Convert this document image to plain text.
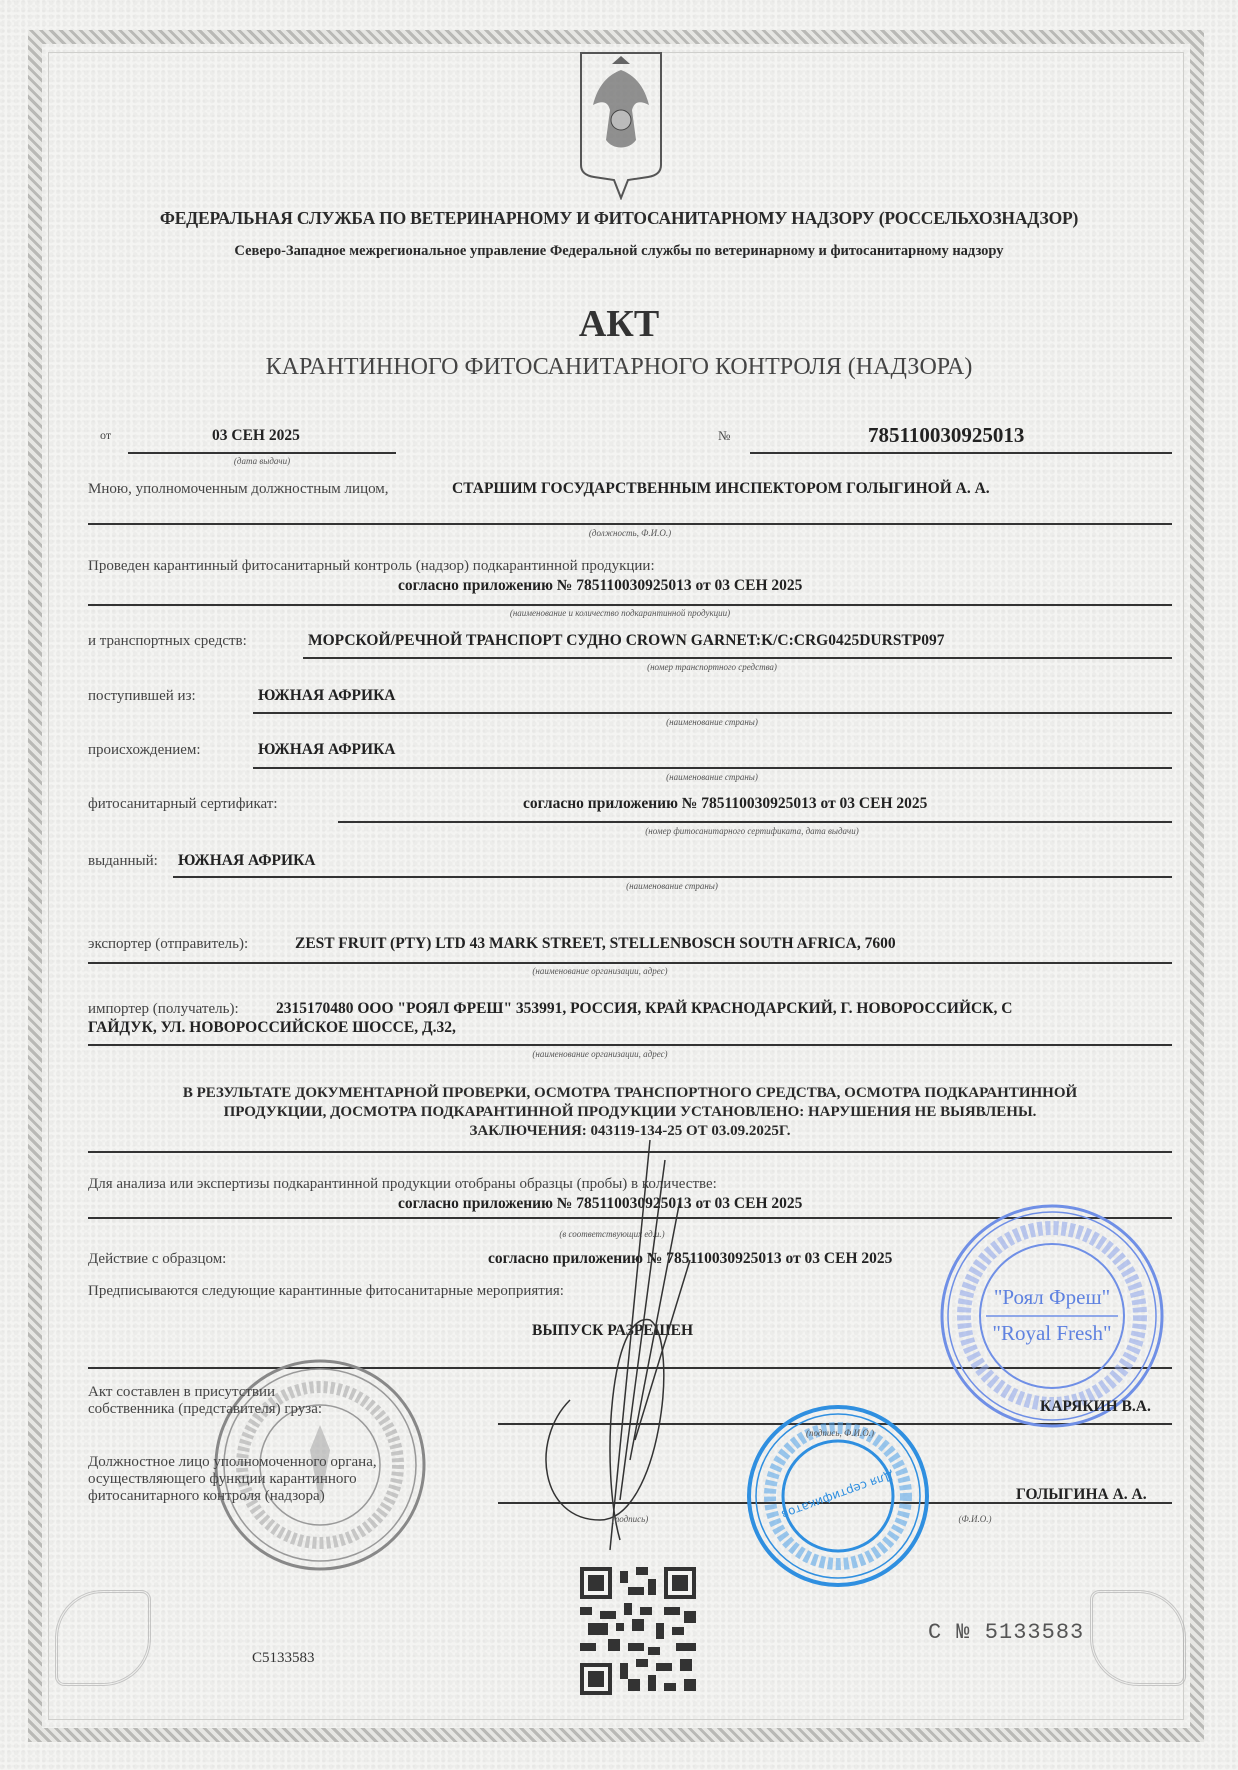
ФЕДЕРАЛЬНАЯ СЛУЖБА ПО ВЕТЕРИНАРНОМУ И ФИТОСАНИТАРНОМУ НАДЗОРУ (РОССЕЛЬХОЗНАДЗОР)
Северо-Западное межрегиональное управление Федеральной службы по ветеринарному и фитосанитарному надзору
АКТ
КАРАНТИННОГО ФИТОСАНИТАРНОГО КОНТРОЛЯ (НАДЗОРА)
от	03 СЕН 2025
(дата выдачи)
№	785110030925013
Мною, уполномоченным должностным лицом,	СТАРШИМ ГОСУДАРСТВЕННЫМ ИНСПЕКТОРОМ ГОЛЫГИНОЙ А. А.
(должность, Ф.И.О.)
Проведен карантинный фитосанитарный контроль (надзор) подкарантинной продукции:
согласно приложению № 785110030925013 от 03 СЕН 2025
(наименование и количество подкарантинной продукции)
и транспортных средств:	МОРСКОЙ/РЕЧНОЙ ТРАНСПОРТ СУДНО CROWN GARNET:K/C:CRG0425DURSTP097
(номер транспортного средства)
поступившей из:	ЮЖНАЯ АФРИКА
(наименование страны)
происхождением:	ЮЖНАЯ АФРИКА
(наименование страны)
фитосанитарный сертификат:	согласно приложению № 785110030925013 от 03 СЕН 2025
(номер фитосанитарного сертификата, дата выдачи)
выданный: ЮЖНАЯ АФРИКА
(наименование страны)
экспортер (отправитель):	ZEST FRUIT (PTY) LTD 43 MARK STREET, STELLENBOSCH SOUTH AFRICA, 7600
(наименование организации, адрес)
импортер (получатель): 2315170480 ООО "РОЯЛ ФРЕШ" 353991, РОССИЯ, КРАЙ КРАСНОДАРСКИЙ, Г. НОВОРОССИЙСК, С
ГАЙДУК, УЛ. НОВОРОССИЙСКОЕ ШОССЕ, Д.32,
(наименование организации, адрес)
В РЕЗУЛЬТАТЕ ДОКУМЕНТАРНОЙ ПРОВЕРКИ, ОСМОТРА ТРАНСПОРТНОГО СРЕДСТВА, ОСМОТРА ПОДКАРАНТИННОЙ
ПРОДУКЦИИ, ДОСМОТРА ПОДКАРАНТИННОЙ ПРОДУКЦИИ УСТАНОВЛЕНО: НАРУШЕНИЯ НЕ ВЫЯВЛЕНЫ.
ЗАКЛЮЧЕНИЯ: 043119-134-25 ОТ 03.09.2025Г.
Для анализа или экспертизы подкарантинной продукции отобраны образцы (пробы) в количестве:
согласно приложению № 785110030925013 от 03 СЕН 2025
(в соответствующих ед.и.)
Действие с образцом:	согласно приложению № 785110030925013 от 03 СЕН 2025
Предписываются следующие карантинные фитосанитарные мероприятия:
ВЫПУСК РАЗРЕШЕН
Акт составлен в присутствии
собственника (представителя) груза:	КАРЯКИН В.А.
(подпись, Ф.И.О.)
Должностное лицо уполномоченного органа,
осуществляющего функции карантинного
фитосанитарного контроля (надзора)	ГОЛЫГИНА А. А.
(подпись)	(Ф.И.О.)
"Роял Фреш"
"Royal Fresh"
Для сертификатов
C5133583
С № 5133583
